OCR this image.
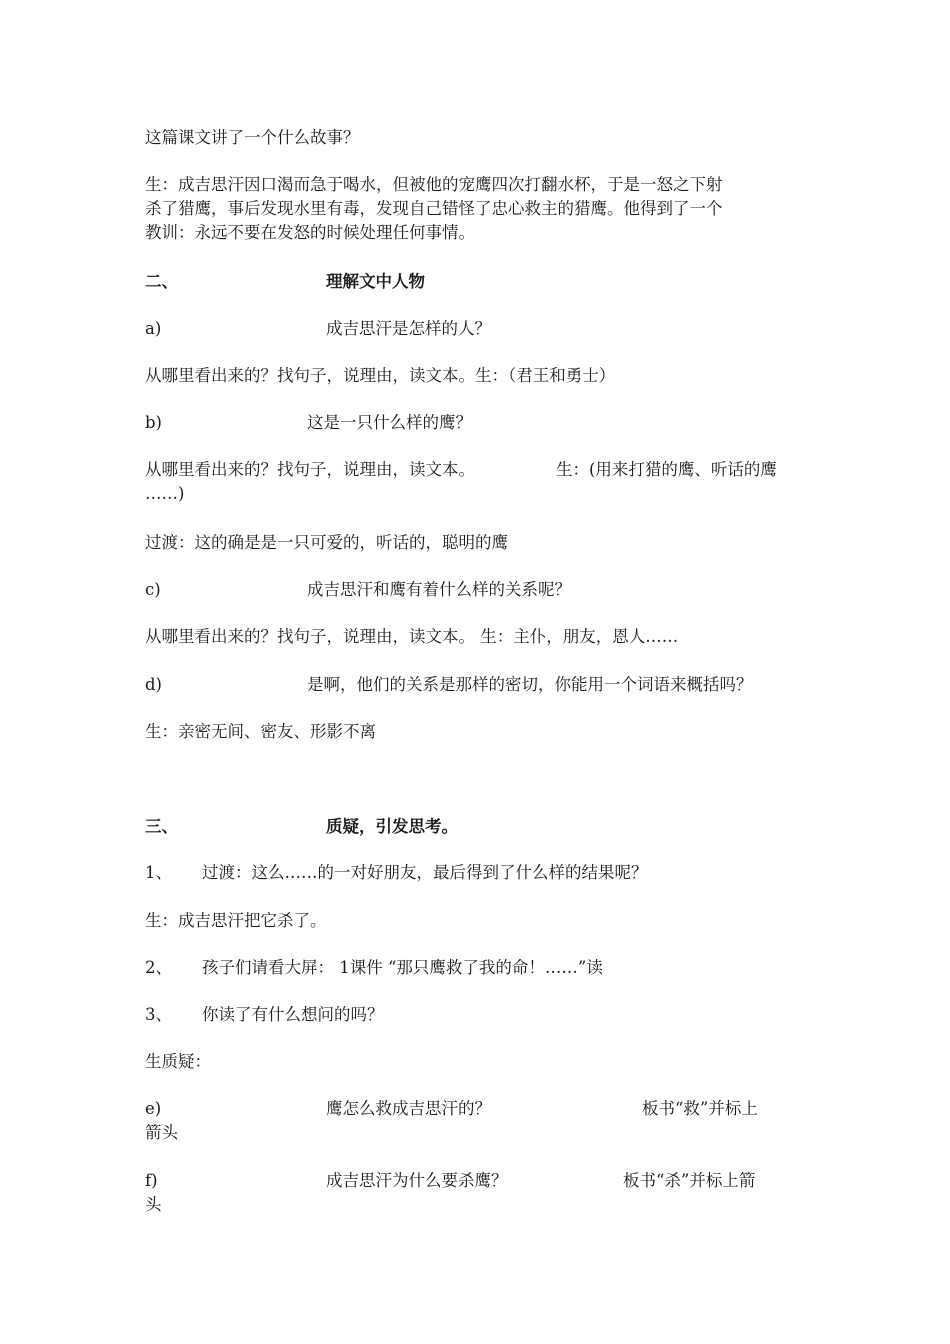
这篇课文讲了一个什么故事？
生：成吉思汗因口渴而急于喝水，但被他的宠鹰四次打翻水杯，于是一怒之下射
杀了猎鹰，事后发现水里有毒，发现自己错怪了忠心救主的猎鹰。他得到了一个
教训：永远不要在发怒的时候处理任何事情。
二、	理解文中人物
a)	成吉思汗是怎样的人？
从哪里看出来的？找句子，说理由，读文本。生：（君王和勇士）
b)	这是一只什么样的鹰？
从哪里看出来的？找句子，说理由，读文本。	生：(用来打猎的鹰、听话的鹰
……)
过渡：这的确是是一只可爱的，听话的，聪明的鹰
c)	成吉思汗和鹰有着什么样的关系呢？
从哪里看出来的？找句子，说理由，读文本。 生：主仆，朋友，恩人……
d)	是啊，他们的关系是那样的密切，你能用一个词语来概括吗？
生：亲密无间、密友、形影不离
三、	质疑，引发思考。
1、 过渡：这么……的一对好朋友，最后得到了什么样的结果呢？
生：成吉思汗把它杀了。
2、 孩子们请看大屏： 1课件 “那只鹰救了我的命！……”读
3、 你读了有什么想问的吗？
生质疑：
e)	鹰怎么救成吉思汗的？	板书“救”并标上
箭头
f)	成吉思汗为什么要杀鹰？	板书“杀”并标上箭
头
